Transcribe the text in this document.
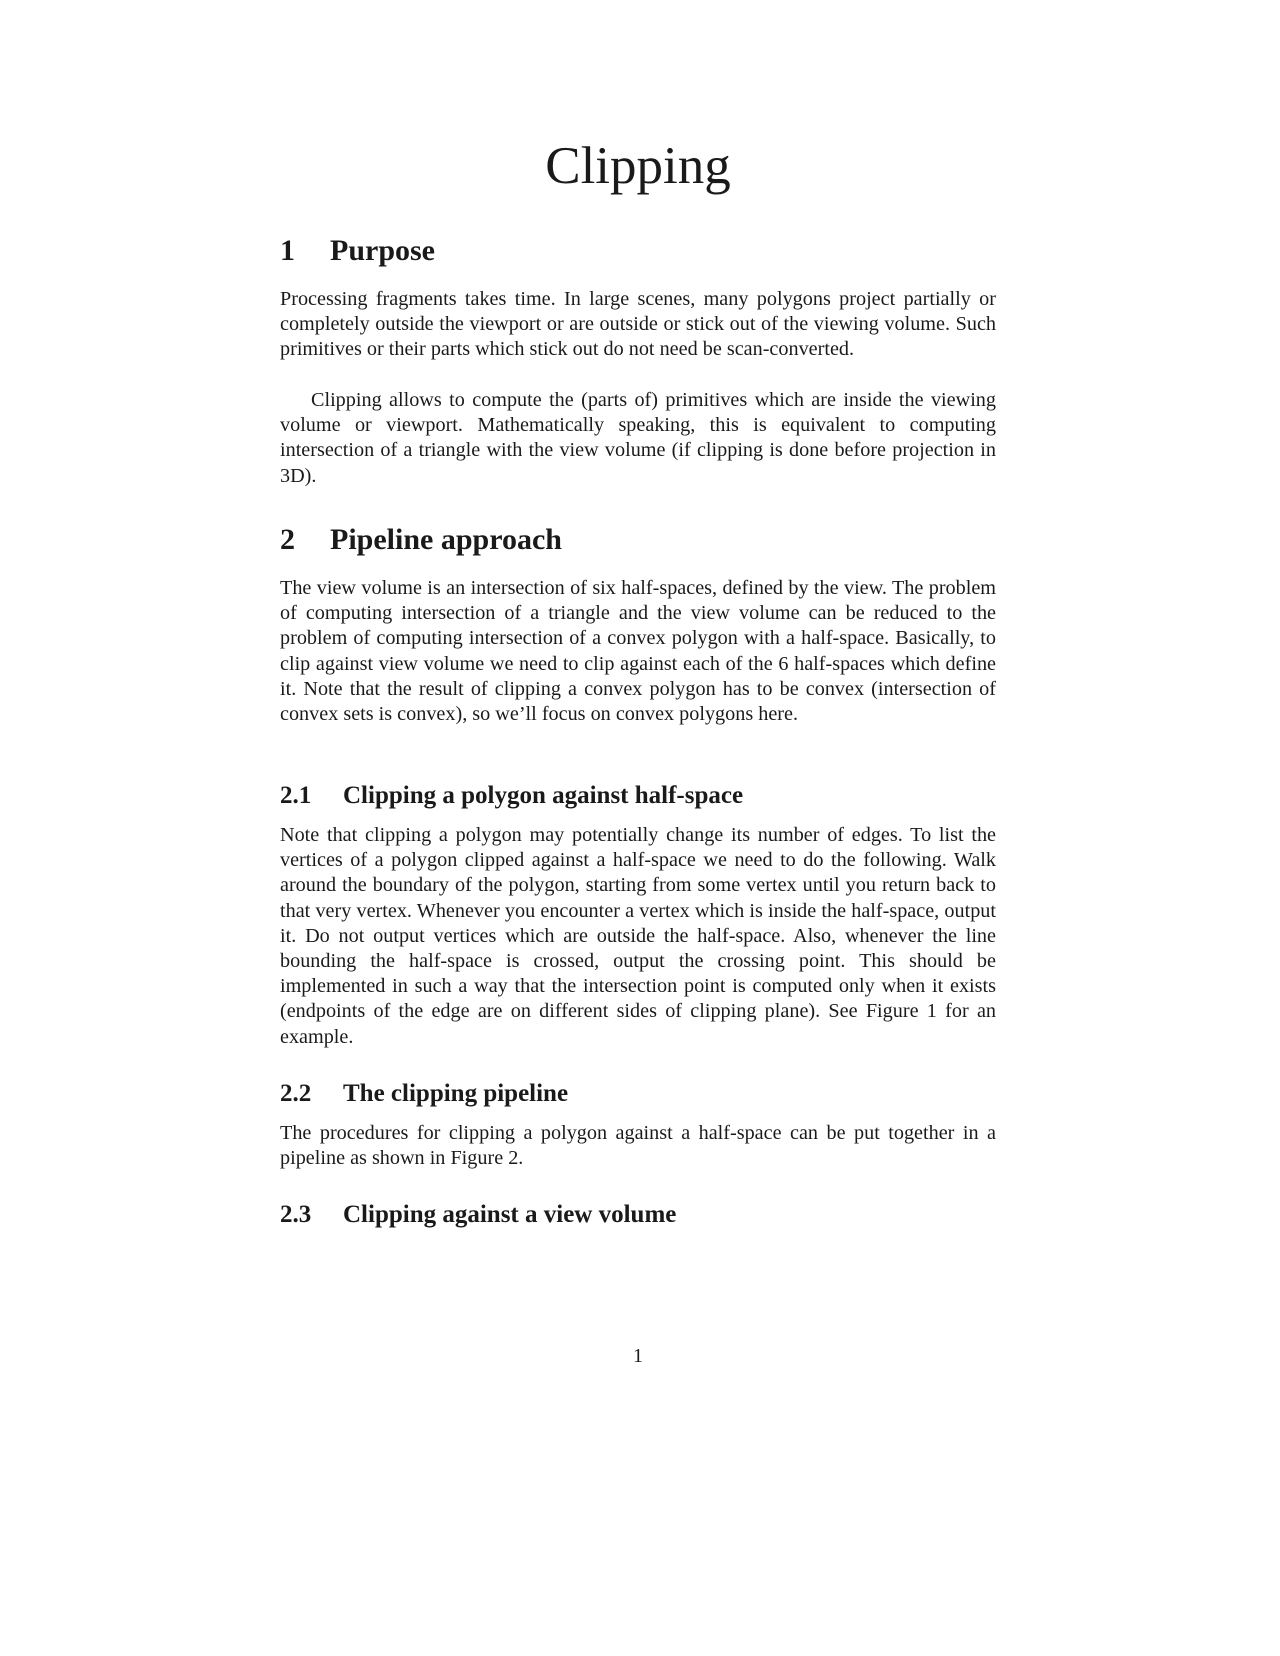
Clipping
1 Purpose

Processing fragments takes time. In large scenes, many polygons project partially or completely outside the viewport or are outside or stick out of the viewing volume. Such primitives or their parts which stick out do not need be scan-converted.

Clipping allows to compute the (parts of) primitives which are inside the viewing volume or viewport. Mathematically speaking, this is equivalent to computing intersection of a triangle with the view volume (if clipping is done before projection in 3D).

2 Pipeline approach

The view volume is an intersection of six half-spaces, defined by the view. The problem of computing intersection of a triangle and the view volume can be reduced to the problem of computing intersection of a convex polygon with a half-space. Basically, to clip against view volume we need to clip against each of the 6 half-spaces which define it. Note that the result of clipping a convex polygon has to be convex (intersection of convex sets is convex), so we’ll focus on convex polygons here.

2.1 Clipping a polygon against half-space

Note that clipping a polygon may potentially change its number of edges. To list the vertices of a polygon clipped against a half-space we need to do the following. Walk around the boundary of the polygon, starting from some vertex until you return back to that very vertex. Whenever you encounter a vertex which is inside the half-space, output it. Do not output vertices which are outside the half-space. Also, whenever the line bounding the half-space is crossed, output the crossing point. This should be implemented in such a way that the intersection point is computed only when it exists (endpoints of the edge are on different sides of clipping plane). See Figure 1 for an example.

2.2 The clipping pipeline

The procedures for clipping a polygon against a half-space can be put together in a pipeline as shown in Figure 2.

2.3 Clipping against a view volume

1
